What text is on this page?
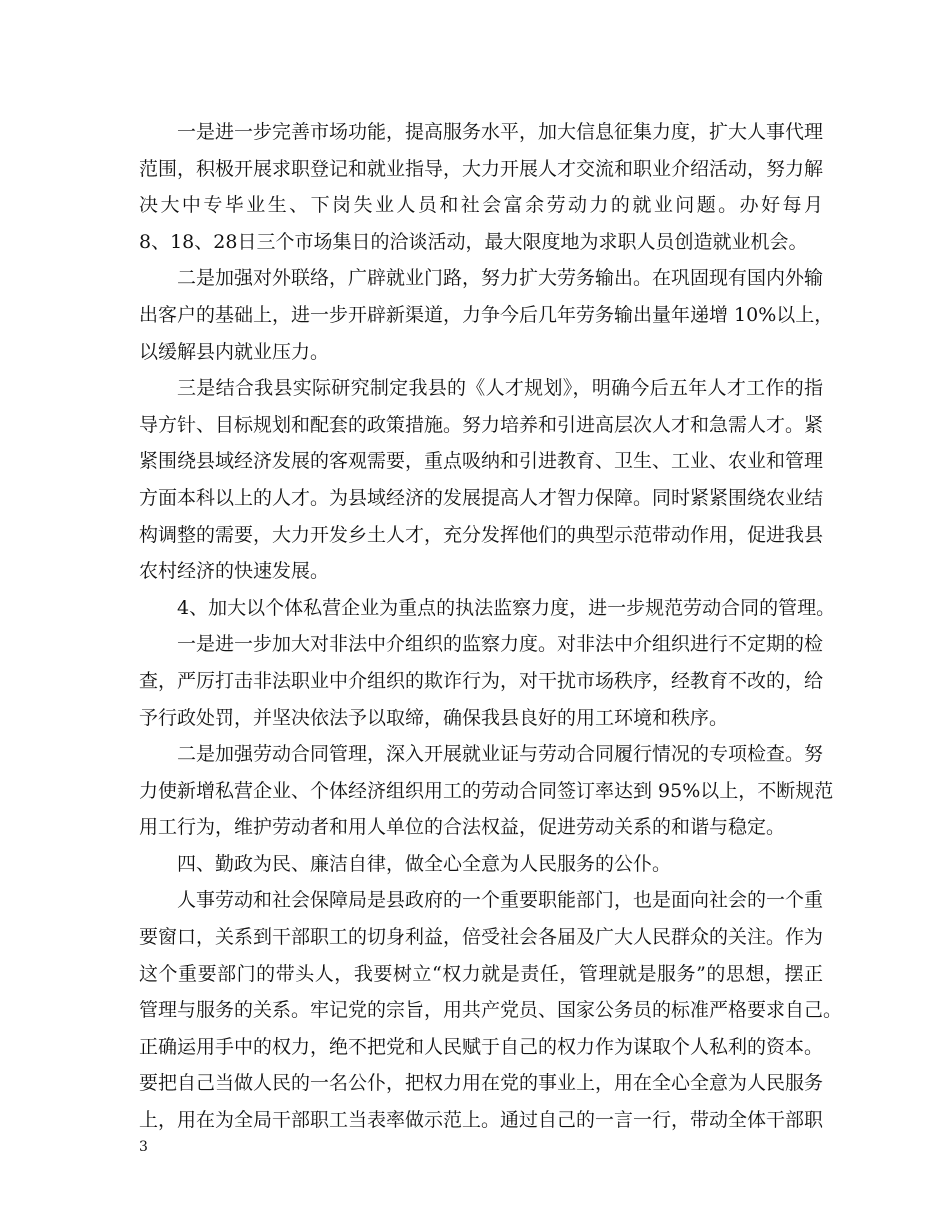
一是进一步完善市场功能，提高服务水平，加大信息征集力度，扩大人事代理
范围，积极开展求职登记和就业指导，大力开展人才交流和职业介绍活动，努力解
决大中专毕业生、下岗失业人员和社会富余劳动力的就业问题。办好每月
8、18、28日三个市场集日的洽谈活动，最大限度地为求职人员创造就业机会。
二是加强对外联络，广辟就业门路，努力扩大劳务输出。在巩固现有国内外输
出客户的基础上，进一步开辟新渠道，力争今后几年劳务输出量年递增 10%以上，
以缓解县内就业压力。
三是结合我县实际研究制定我县的《人才规划》，明确今后五年人才工作的指
导方针、目标规划和配套的政策措施。努力培养和引进高层次人才和急需人才。紧
紧围绕县域经济发展的客观需要，重点吸纳和引进教育、卫生、工业、农业和管理
方面本科以上的人才。为县域经济的发展提高人才智力保障。同时紧紧围绕农业结
构调整的需要，大力开发乡土人才，充分发挥他们的典型示范带动作用，促进我县
农村经济的快速发展。
4、加大以个体私营企业为重点的执法监察力度，进一步规范劳动合同的管理。
一是进一步加大对非法中介组织的监察力度。对非法中介组织进行不定期的检
查，严厉打击非法职业中介组织的欺诈行为，对干扰市场秩序，经教育不改的，给
予行政处罚，并坚决依法予以取缔，确保我县良好的用工环境和秩序。
二是加强劳动合同管理，深入开展就业证与劳动合同履行情况的专项检查。努
力使新增私营企业、个体经济组织用工的劳动合同签订率达到 95%以上，不断规范
用工行为，维护劳动者和用人单位的合法权益，促进劳动关系的和谐与稳定。
四、勤政为民、廉洁自律，做全心全意为人民服务的公仆。
人事劳动和社会保障局是县政府的一个重要职能部门，也是面向社会的一个重
要窗口，关系到干部职工的切身利益，倍受社会各届及广大人民群众的关注。作为
这个重要部门的带头人，我要树立“权力就是责任，管理就是服务”的思想，摆正
管理与服务的关系。牢记党的宗旨，用共产党员、国家公务员的标准严格要求自己。
正确运用手中的权力，绝不把党和人民赋于自己的权力作为谋取个人私利的资本。
要把自己当做人民的一名公仆，把权力用在党的事业上，用在全心全意为人民服务
上，用在为全局干部职工当表率做示范上。通过自己的一言一行，带动全体干部职
3
